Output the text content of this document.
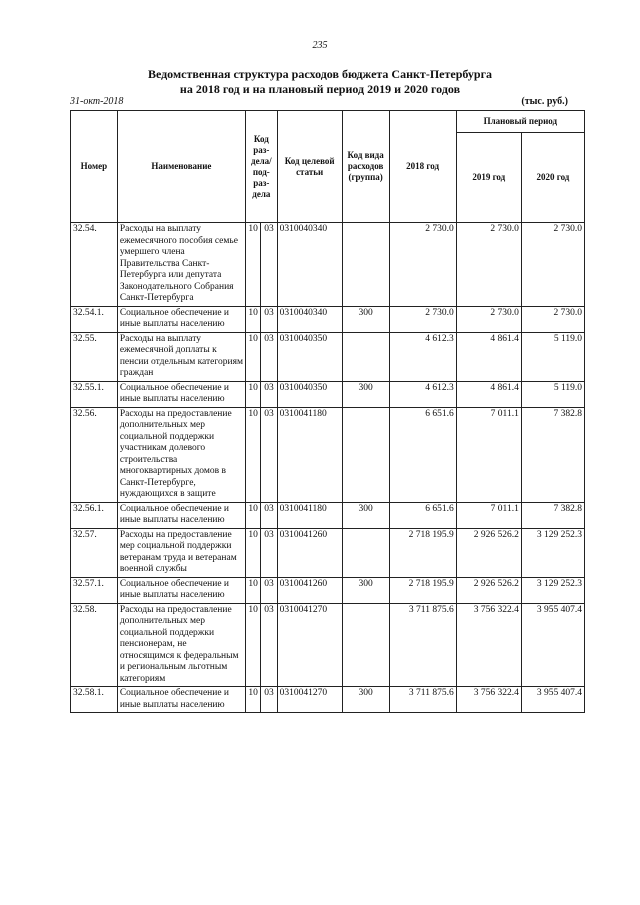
235
Ведомственная структура расходов бюджета Санкт-Петербурга
на 2018 год и на плановый период 2019 и 2020 годов
31-окт-2018	(тыс. руб.)
Номер	Наименование	Код раз-дела/ под-раз-дела		Код целевой статьи	Код вида расходов (группа)	2018 год	Плановый период	
							2019 год	2020 год
32.54.	Расходы на выплату ежемесячного пособия семье умершего члена Правительства Санкт-Петербурга или депутата Законодательного Собрания Санкт-Петербурга	10	03	0310040340		2 730.0	2 730.0	2 730.0
32.54.1.	Социальное обеспечение и иные выплаты населению	10	03	0310040340	300	2 730.0	2 730.0	2 730.0
32.55.	Расходы на выплату ежемесячной доплаты к пенсии отдельным категориям граждан	10	03	0310040350		4 612.3	4 861.4	5 119.0
32.55.1.	Социальное обеспечение и иные выплаты населению	10	03	0310040350	300	4 612.3	4 861.4	5 119.0
32.56.	Расходы на предоставление дополнительных мер социальной поддержки участникам долевого строительства многоквартирных домов в Санкт-Петербурге, нуждающихся в защите	10	03	0310041180		6 651.6	7 011.1	7 382.8
32.56.1.	Социальное обеспечение и иные выплаты населению	10	03	0310041180	300	6 651.6	7 011.1	7 382.8
32.57.	Расходы на предоставление мер социальной поддержки ветеранам труда и ветеранам военной службы	10	03	0310041260		2 718 195.9	2 926 526.2	3 129 252.3
32.57.1.	Социальное обеспечение и иные выплаты населению	10	03	0310041260	300	2 718 195.9	2 926 526.2	3 129 252.3
32.58.	Расходы на предоставление дополнительных мер социальной поддержки пенсионерам, не относящимся к федеральным и региональным льготным категориям	10	03	0310041270		3 711 875.6	3 756 322.4	3 955 407.4
32.58.1.	Социальное обеспечение и иные выплаты населению	10	03	0310041270	300	3 711 875.6	3 756 322.4	3 955 407.4
